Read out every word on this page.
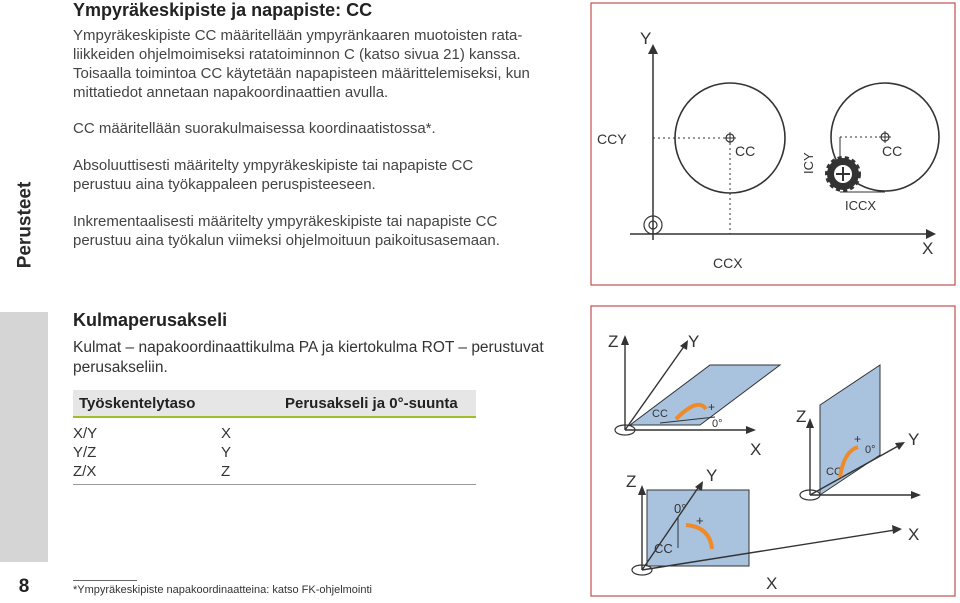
Perusteet
8
Ympyräkeskipiste ja napapiste: CC
Ympyräkeskipiste CC määritellään ympyränkaaren muotoisten rata-
liikkeiden ohjelmoimiseksi ratatoiminnon C (katso sivua 21) kanssa.
Toisaalla toimintoa CC käytetään napapisteen määrittelemiseksi, kun
mittatiedot annetaan napakoordinaattien avulla.
CC määritellään suorakulmaisessa koordinaatistossa*.
Absoluuttisesti määritelty ympyräkeskipiste tai napapiste CC
perustuu aina työkappaleen peruspisteeseen.
Inkrementaalisesti määritelty ympyräkeskipiste tai napapiste CC
perustuu aina työkalun viimeksi ohjelmoituun paikoitusasemaan.
Kulmaperusakseli
Kulmat – napakoordinaattikulma PA ja kiertokulma ROT – perustuvat
perusakseliin.
Työskentelytaso	Perusakseli ja 0°-suunta
X/Y	X
Y/Z	Y
Z/X	Z
*Ympyräkeskipiste napakoordinaatteina: katso FK-ohjelmointi
Y
X
CCY
CC
CCX
CC
ICY
ICCX
Z	Y
X
CC
0°
+	Z
Y
X
CC
0°
+
Z	Y
X
CC
0°
+
